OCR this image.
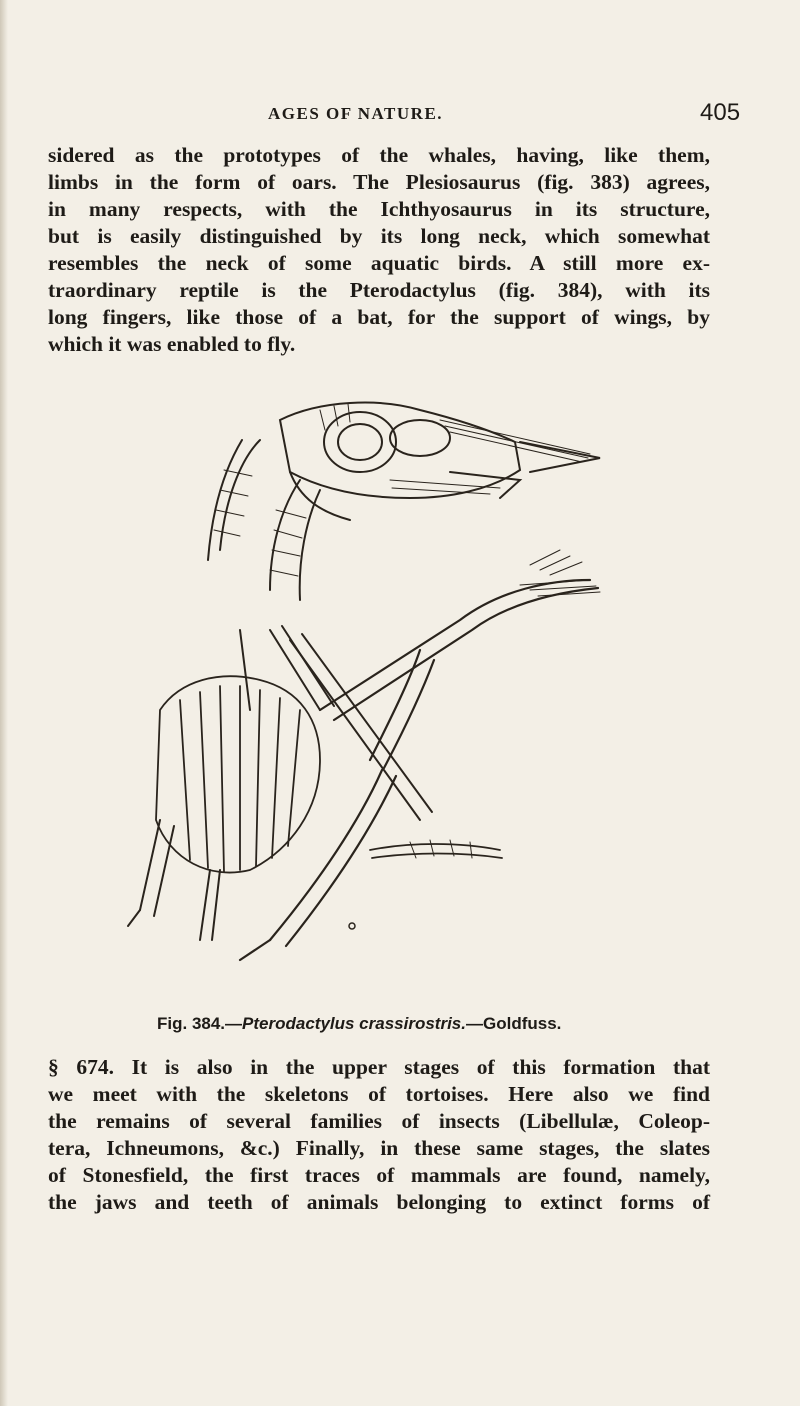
AGES OF NATURE.	405
sidered as the prototypes of the whales, having, like them,
limbs in the form of oars. The Plesiosaurus (fig. 383) agrees,
in many respects, with the Ichthyosaurus in its structure,
but is easily distinguished by its long neck, which somewhat
resembles the neck of some aquatic birds. A still more ex-
traordinary reptile is the Pterodactylus (fig. 384), with its
long fingers, like those of a bat, for the support of wings, by
which it was enabled to fly.
Fig. 384.—Pterodactylus crassirostris.—Goldfuss.
§ 674. It is also in the upper stages of this formation that
we meet with the skeletons of tortoises. Here also we find
the remains of several families of insects (Libellulæ, Coleop-
tera, Ichneumons, &c.) Finally, in these same stages, the slates
of Stonesfield, the first traces of mammals are found, namely,
the jaws and teeth of animals belonging to extinct forms of
